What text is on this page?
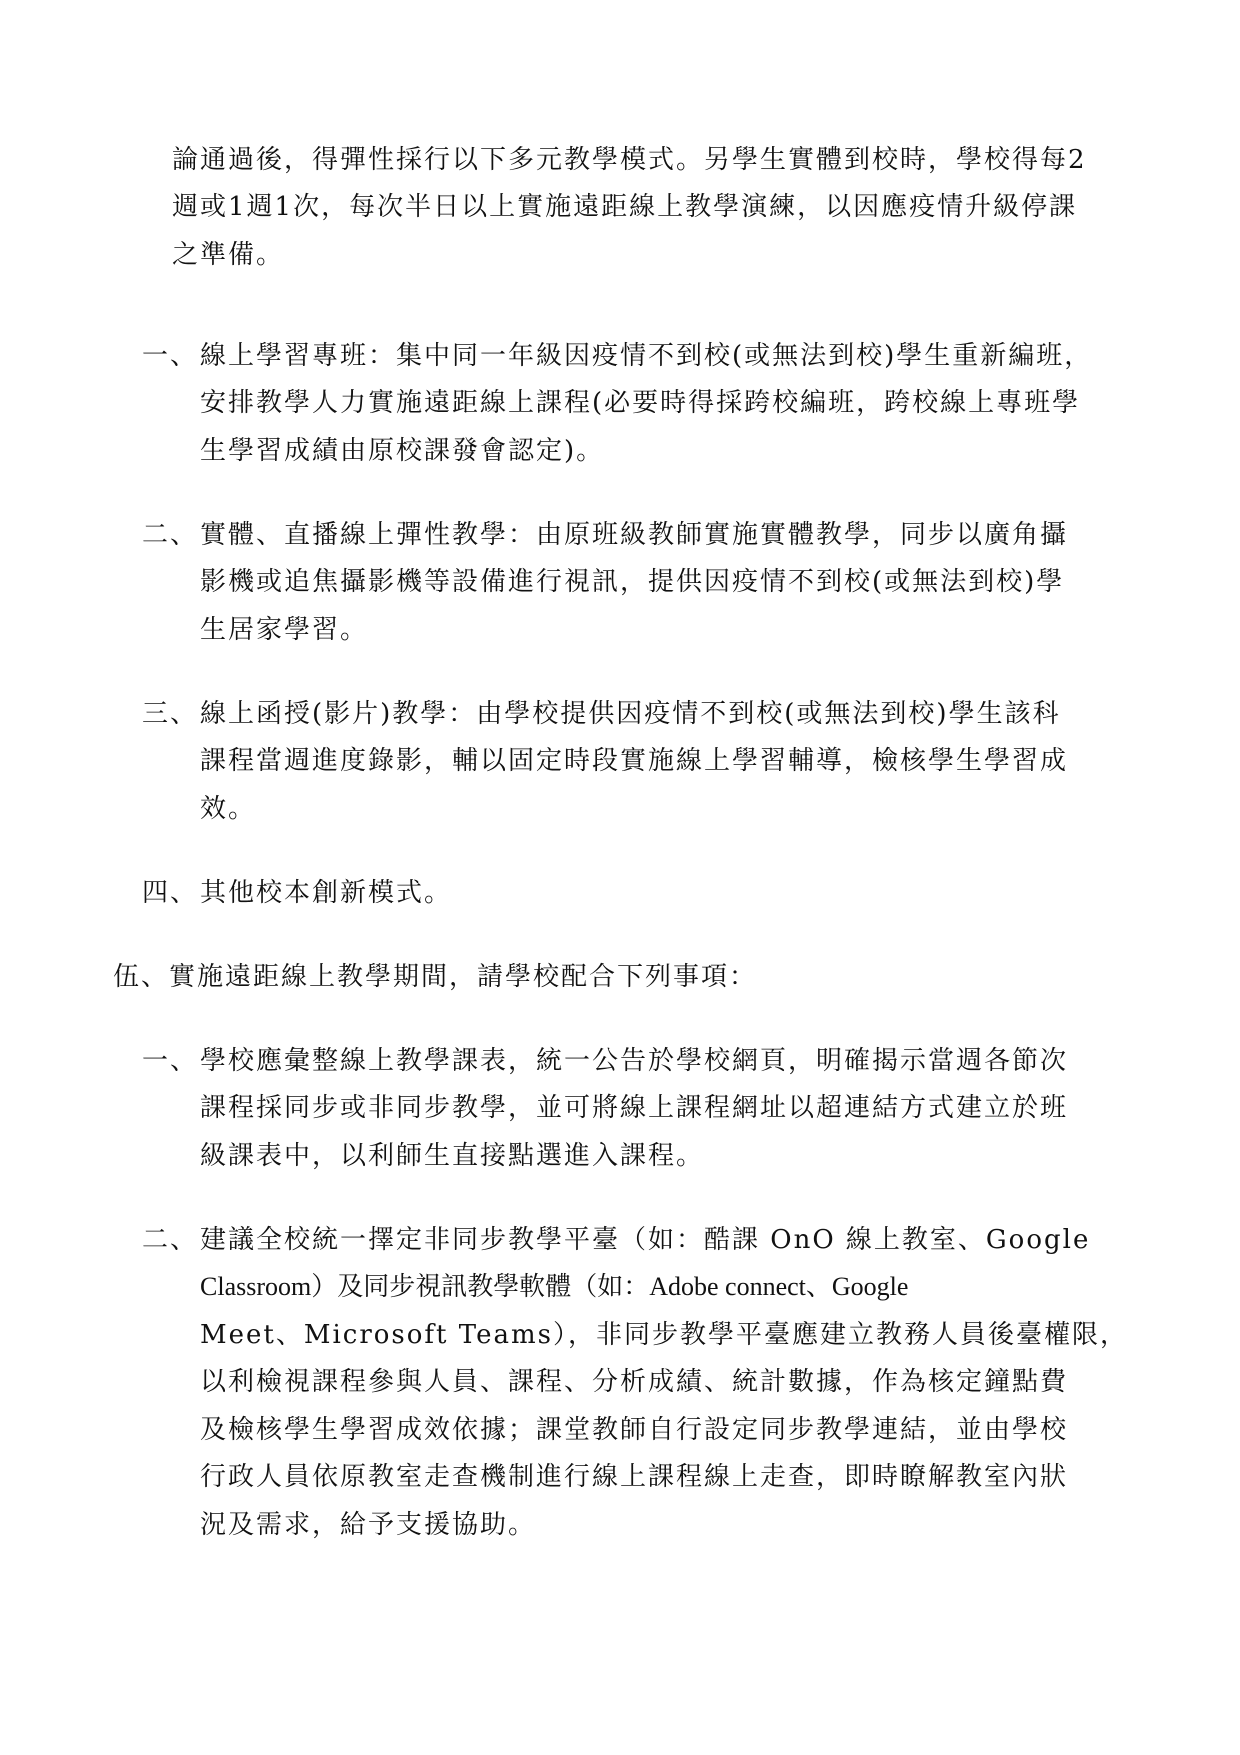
論通過後，得彈性採行以下多元教學模式。另學生實體到校時，學校得每2
週或1週1次，每次半日以上實施遠距線上教學演練，以因應疫情升級停課
之準備。
一、 線上學習專班：集中同一年級因疫情不到校(或無法到校)學生重新編班，
安排教學人力實施遠距線上課程(必要時得採跨校編班，跨校線上專班學
生學習成績由原校課發會認定)。
二、 實體、直播線上彈性教學：由原班級教師實施實體教學，同步以廣角攝
影機或追焦攝影機等設備進行視訊，提供因疫情不到校(或無法到校)學
生居家學習。
三、 線上函授(影片)教學：由學校提供因疫情不到校(或無法到校)學生該科
課程當週進度錄影，輔以固定時段實施線上學習輔導，檢核學生學習成
效。
四、 其他校本創新模式。
伍、實施遠距線上教學期間，請學校配合下列事項：
一、 學校應彙整線上教學課表，統一公告於學校網頁，明確揭示當週各節次
課程採同步或非同步教學，並可將線上課程網址以超連結方式建立於班
級課表中，以利師生直接點選進入課程。
二、 建議全校統一擇定非同步教學平臺（如：酷課 OnO 線上教室、Google
Classroom）及同步視訊教學軟體（如：Adobe connect、Google
Meet、Microsoft Teams），非同步教學平臺應建立教務人員後臺權限，
以利檢視課程參與人員、課程、分析成績、統計數據，作為核定鐘點費
及檢核學生學習成效依據；課堂教師自行設定同步教學連結，並由學校
行政人員依原教室走查機制進行線上課程線上走查，即時瞭解教室內狀
況及需求，給予支援協助。
